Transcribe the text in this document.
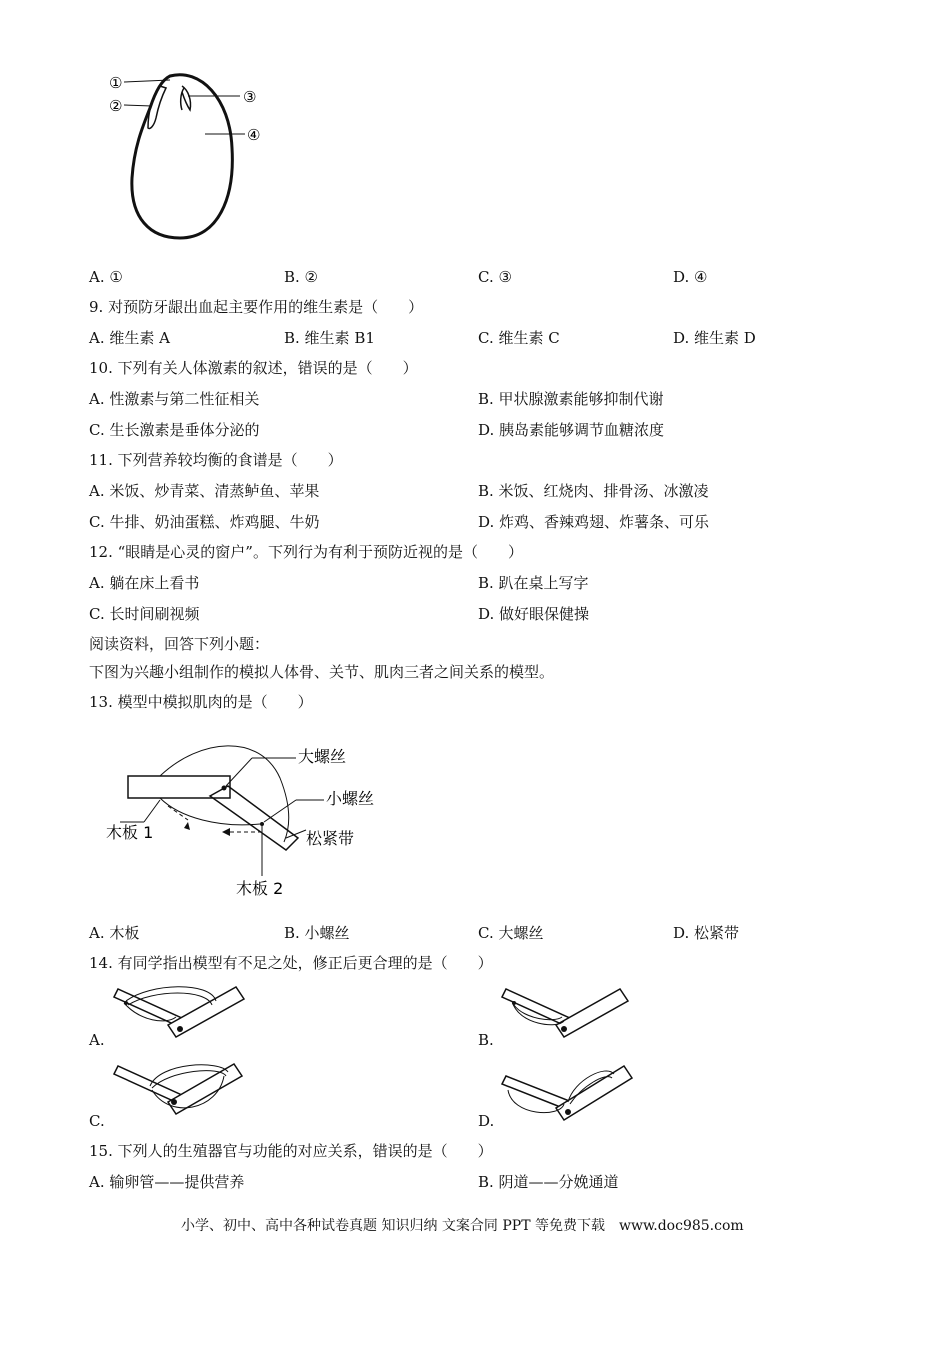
①
②	③
④
A. ①	B. ②	C. ③	D. ④
9. 对预防牙龈出血起主要作用的维生素是（　　）
A. 维生素 A	B. 维生素 B1	C. 维生素 C	D. 维生素 D
10. 下列有关人体激素的叙述，错误的是（　　）
A. 性激素与第二性征相关	B. 甲状腺激素能够抑制代谢
C. 生长激素是垂体分泌的	D. 胰岛素能够调节血糖浓度
11. 下列营养较均衡的食谱是（　　）
A. 米饭、炒青菜、清蒸鲈鱼、苹果	B. 米饭、红烧肉、排骨汤、冰激凌
C. 牛排、奶油蛋糕、炸鸡腿、牛奶	D. 炸鸡、香辣鸡翅、炸薯条、可乐
12. “眼睛是心灵的窗户”。下列行为有利于预防近视的是（　　）
A. 躺在床上看书	B. 趴在桌上写字
C. 长时间刷视频	D. 做好眼保健操
阅读资料，回答下列小题：
下图为兴趣小组制作的模拟人体骨、关节、肌肉三者之间关系的模型。
13. 模型中模拟肌肉的是（　　）
大螺丝
小螺丝
木板 1	松紧带
木板 2
A. 木板	B. 小螺丝	C. 大螺丝	D. 松紧带
14. 有同学指出模型有不足之处，修正后更合理的是（　　）
A.	B.
C.	D.
15. 下列人的生殖器官与功能的对应关系，错误的是（　　）
A. 输卵管——提供营养	B. 阴道——分娩通道
小学、初中、高中各种试卷真题 知识归纳 文案合同 PPT 等免费下载　www.doc985.com
